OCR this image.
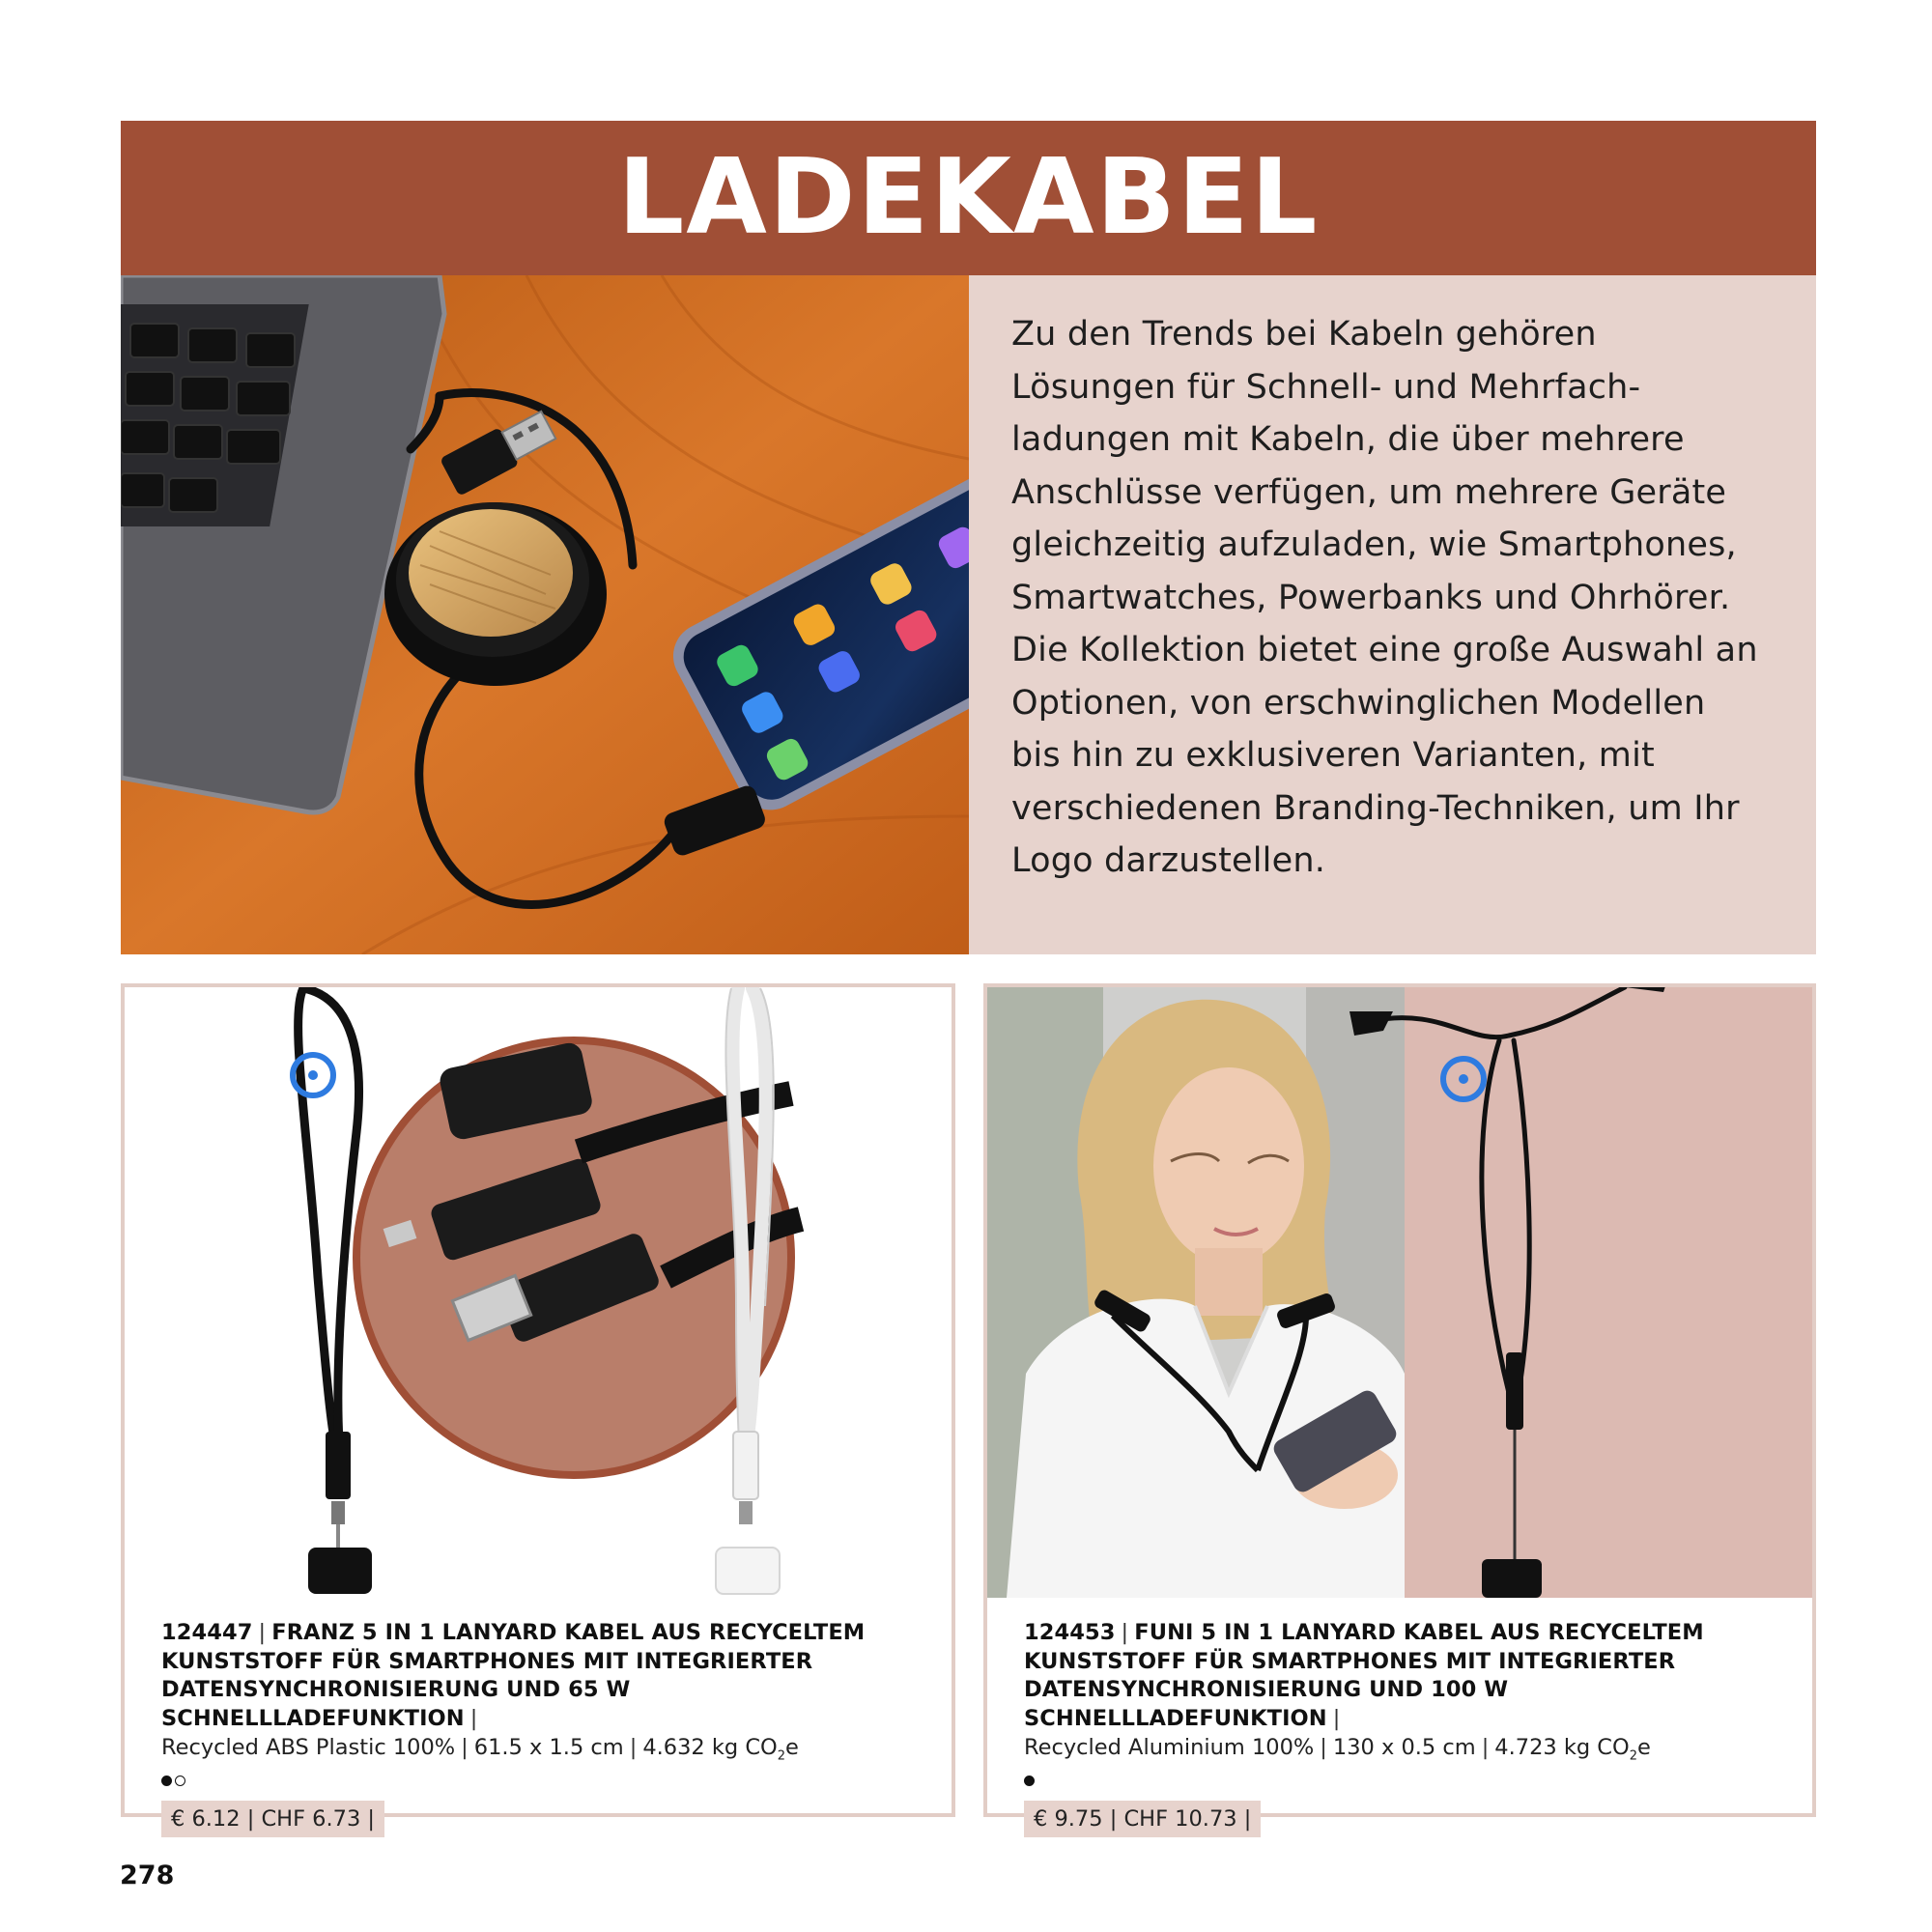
LADEKABEL
Zu den Trends bei Kabeln gehören
Lösungen für Schnell- und Mehrfach-
ladungen mit Kabeln, die über mehrere
Anschlüsse verfügen, um mehrere Geräte
gleichzeitig aufzuladen, wie Smartphones,
Smartwatches, Powerbanks und Ohrhörer.
Die Kollektion bietet eine große Auswahl an
Optionen, von erschwinglichen Modellen
bis hin zu exklusiveren Varianten, mit
verschiedenen Branding-Techniken, um Ihr
Logo darzustellen.
124447 | FRANZ 5 IN 1 LANYARD KABEL AUS RECYCELTEM
KUNSTSTOFF FÜR SMARTPHONES MIT INTEGRIERTER
DATENSYNCHRONISIERUNG UND 65 W SCHNELLLADEFUNKTION |
Recycled ABS Plastic 100% | 61.5 x 1.5 cm | 4.632 kg $CO_2e$
€ 6.12 | CHF 6.73 |
124453 | FUNI 5 IN 1 LANYARD KABEL AUS RECYCELTEM
KUNSTSTOFF FÜR SMARTPHONES MIT INTEGRIERTER
DATENSYNCHRONISIERUNG UND 100 W SCHNELLLADEFUNKTION |
Recycled Aluminium 100% | 130 x 0.5 cm | 4.723 kg $CO_2e$
€ 9.75 | CHF 10.73 |
278
